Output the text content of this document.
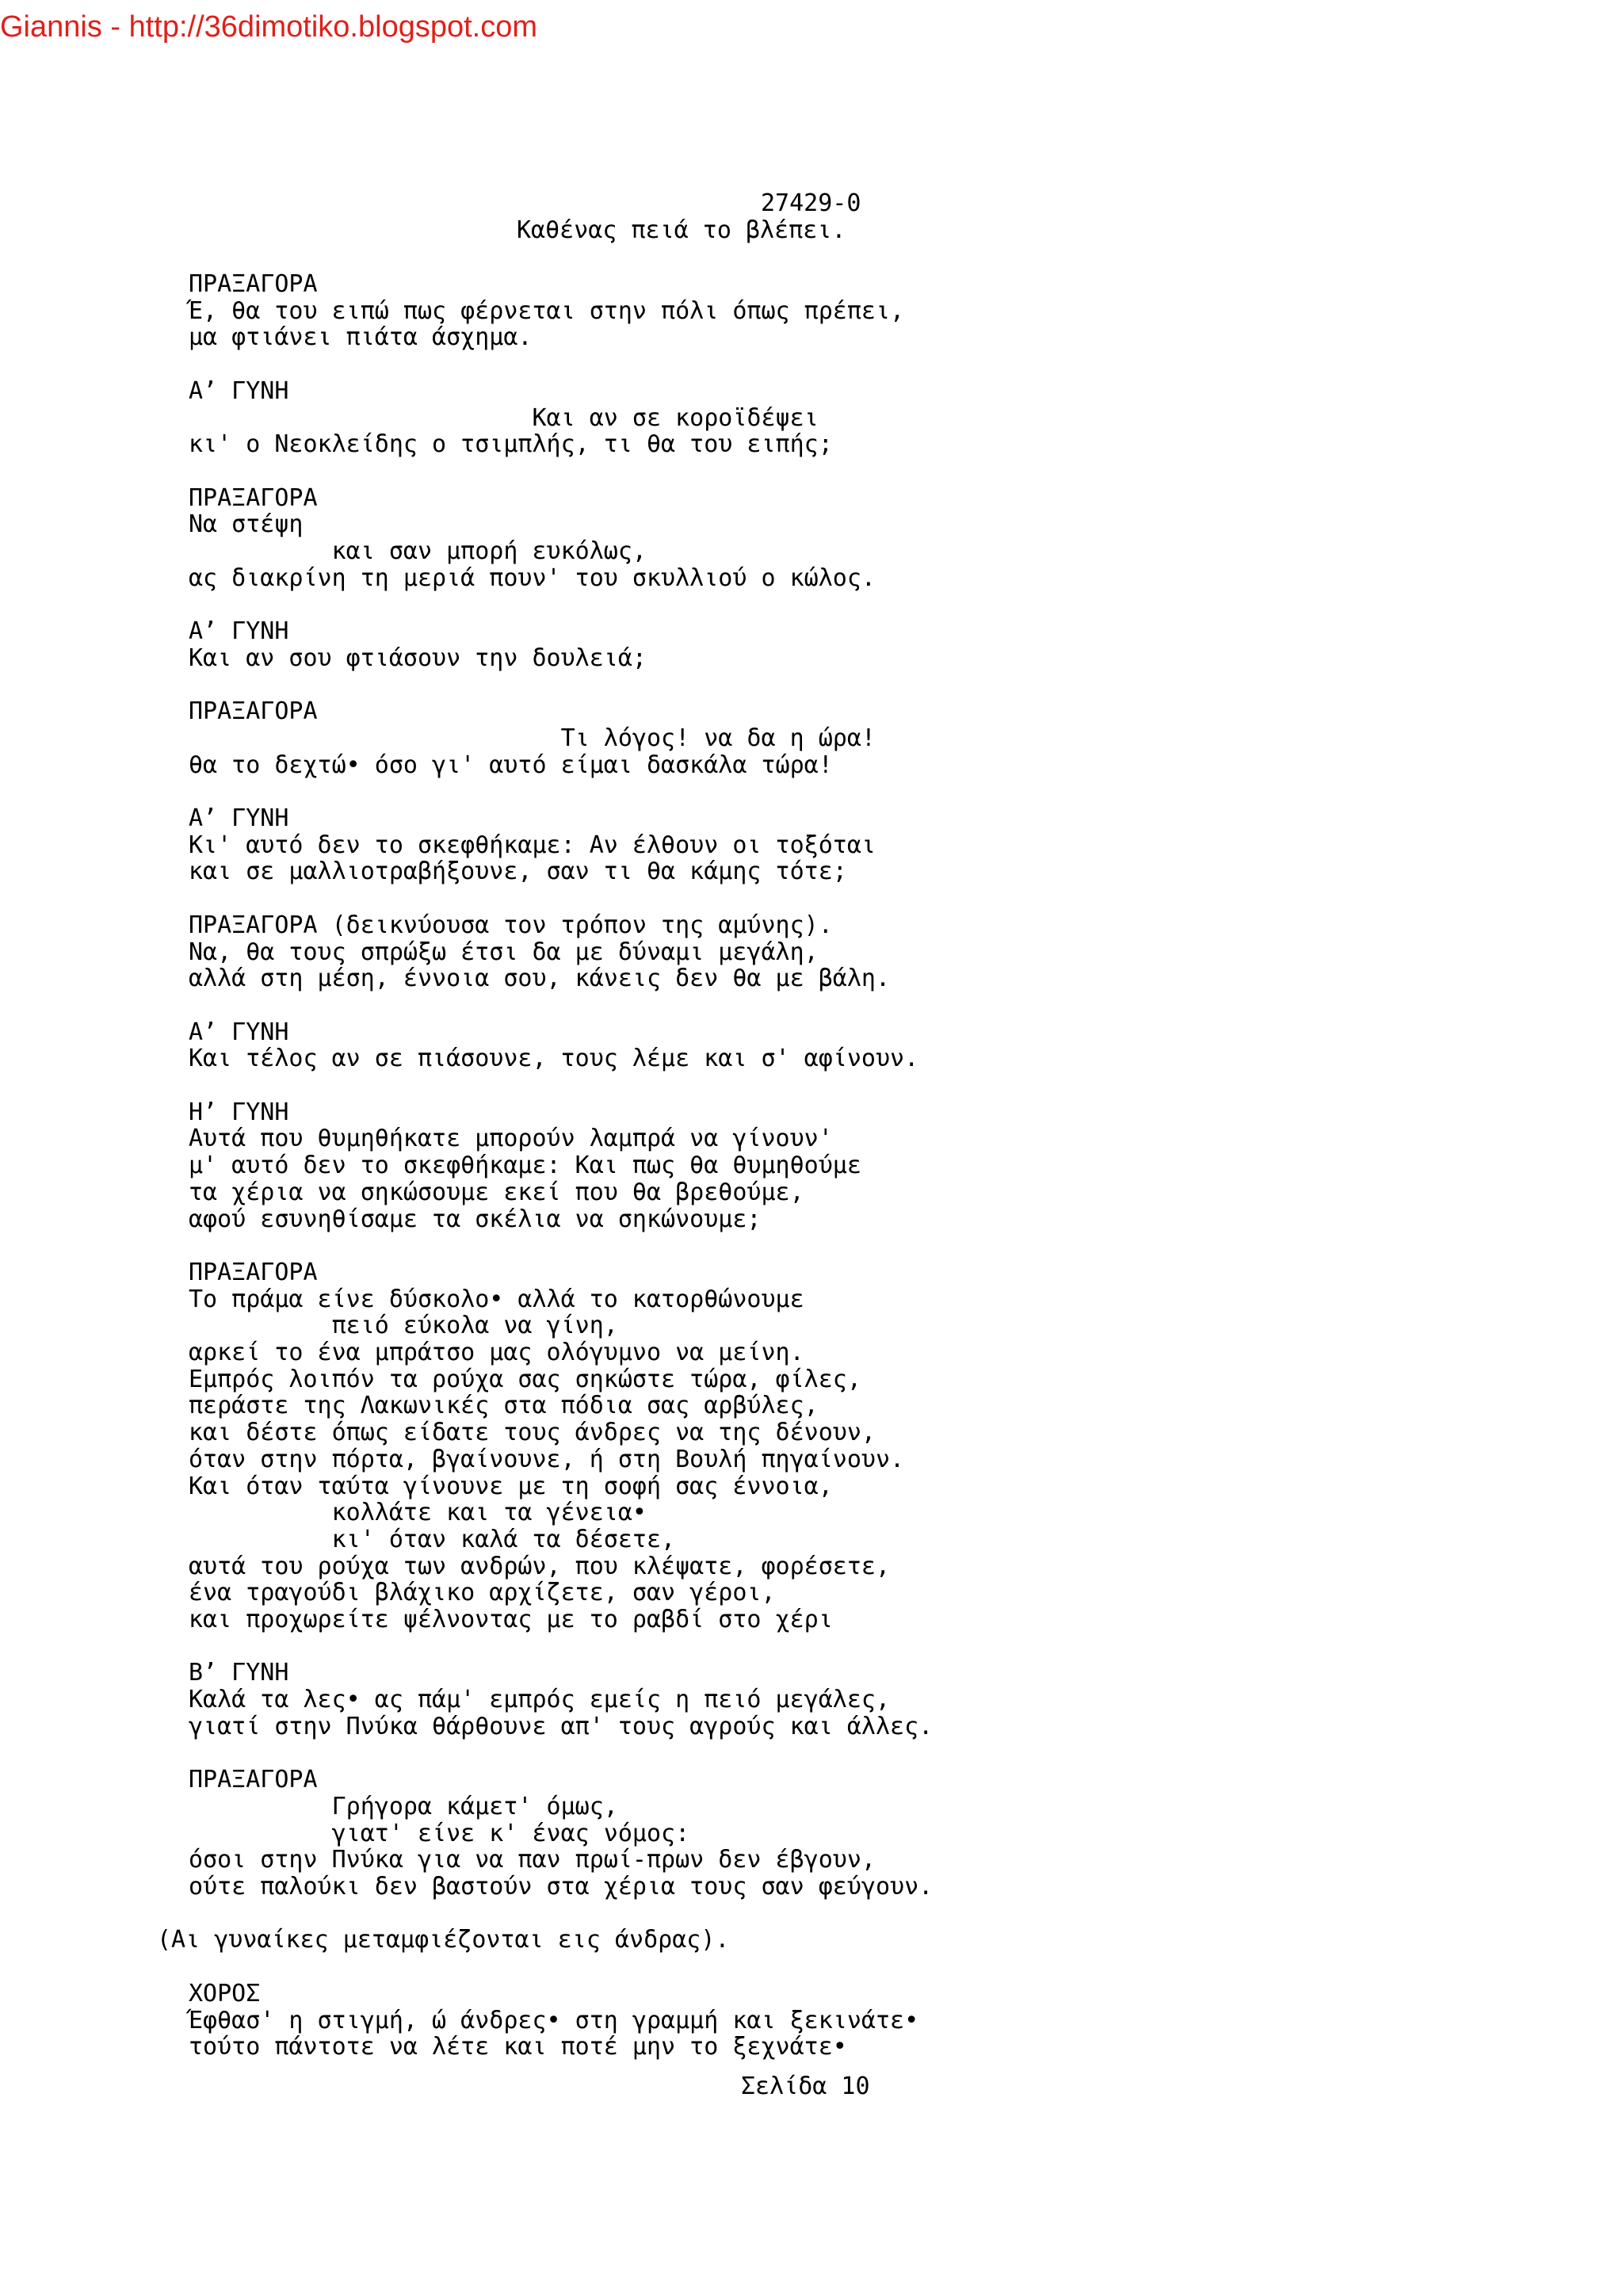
Giannis - http://36dimotiko.blogspot.com
27429-0
Καθένας πειά το βλέπει.
ΠΡΑΞΑΓΟΡΑ
Έ, θα του ειπώ πως φέρνεται στην πόλι όπως πρέπει,
μα φτιάνει πιάτα άσχημα.
Α’ ΓΥΝΗ
Και αν σε κοροϊδέψει
κι' ο Νεοκλείδης ο τσιμπλής, τι θα του ειπής;
ΠΡΑΞΑΓΟΡΑ
Να στέψη
και σαν μπορή ευκόλως,
ας διακρίνη τη μεριά πουν' του σκυλλιού ο κώλος.
Α’ ΓΥΝΗ
Και αν σου φτιάσουν την δουλειά;
ΠΡΑΞΑΓΟΡΑ
Τι λόγος! να δα η ώρα!
θα το δεχτώ• όσο γι' αυτό είμαι δασκάλα τώρα!
Α’ ΓΥΝΗ
Κι' αυτό δεν το σκεφθήκαμε: Αν έλθουν οι τοξόται
και σε μαλλιοτραβήξουνε, σαν τι θα κάμης τότε;
ΠΡΑΞΑΓΟΡΑ (δεικνύουσα τον τρόπον της αμύνης).
Να, θα τους σπρώξω έτσι δα με δύναμι μεγάλη,
αλλά στη μέση, έννοια σου, κάνεις δεν θα με βάλη.
Α’ ΓΥΝΗ
Και τέλος αν σε πιάσουνε, τους λέμε και σ' αφίνουν.
Η’ ΓΥΝΗ
Αυτά που θυμηθήκατε μπορούν λαμπρά να γίνουν'
μ' αυτό δεν το σκεφθήκαμε: Και πως θα θυμηθούμε
τα χέρια να σηκώσουμε εκεί που θα βρεθούμε,
αφού εσυνηθίσαμε τα σκέλια να σηκώνουμε;
ΠΡΑΞΑΓΟΡΑ
Το πράμα είνε δύσκολο• αλλά το κατορθώνουμε
πειό εύκολα να γίνη,
αρκεί το ένα μπράτσο μας ολόγυμνο να μείνη.
Εμπρός λοιπόν τα ρούχα σας σηκώστε τώρα, φίλες,
περάστε της Λακωνικές στα πόδια σας αρβύλες,
και δέστε όπως είδατε τους άνδρες να της δένουν,
όταν στην πόρτα, βγαίνουνε, ή στη Βουλή πηγαίνουν.
Και όταν ταύτα γίνουνε με τη σοφή σας έννοια,
κολλάτε και τα γένεια•
κι' όταν καλά τα δέσετε,
αυτά του ρούχα των ανδρών, που κλέψατε, φορέσετε,
ένα τραγούδι βλάχικο αρχίζετε, σαν γέροι,
και προχωρείτε ψέλνοντας με το ραβδί στο χέρι
Β’ ΓΥΝΗ
Καλά τα λες• ας πάμ' εμπρός εμείς η πειό μεγάλες,
γιατί στην Πνύκα θάρθουνε απ' τους αγρούς και άλλες.
ΠΡΑΞΑΓΟΡΑ
Γρήγορα κάμετ' όμως,
γιατ' είνε κ' ένας νόμος:
όσοι στην Πνύκα για να παν πρωί-πρων δεν έβγουν,
ούτε παλούκι δεν βαστούν στα χέρια τους σαν φεύγουν.
(Αι γυναίκες μεταμφιέζονται εις άνδρας).
ΧΟΡΟΣ
Έφθασ' η στιγμή, ώ άνδρες• στη γραμμή και ξεκινάτε•
τούτο πάντοτε να λέτε και ποτέ μην το ξεχνάτε•
Σελίδα 10
